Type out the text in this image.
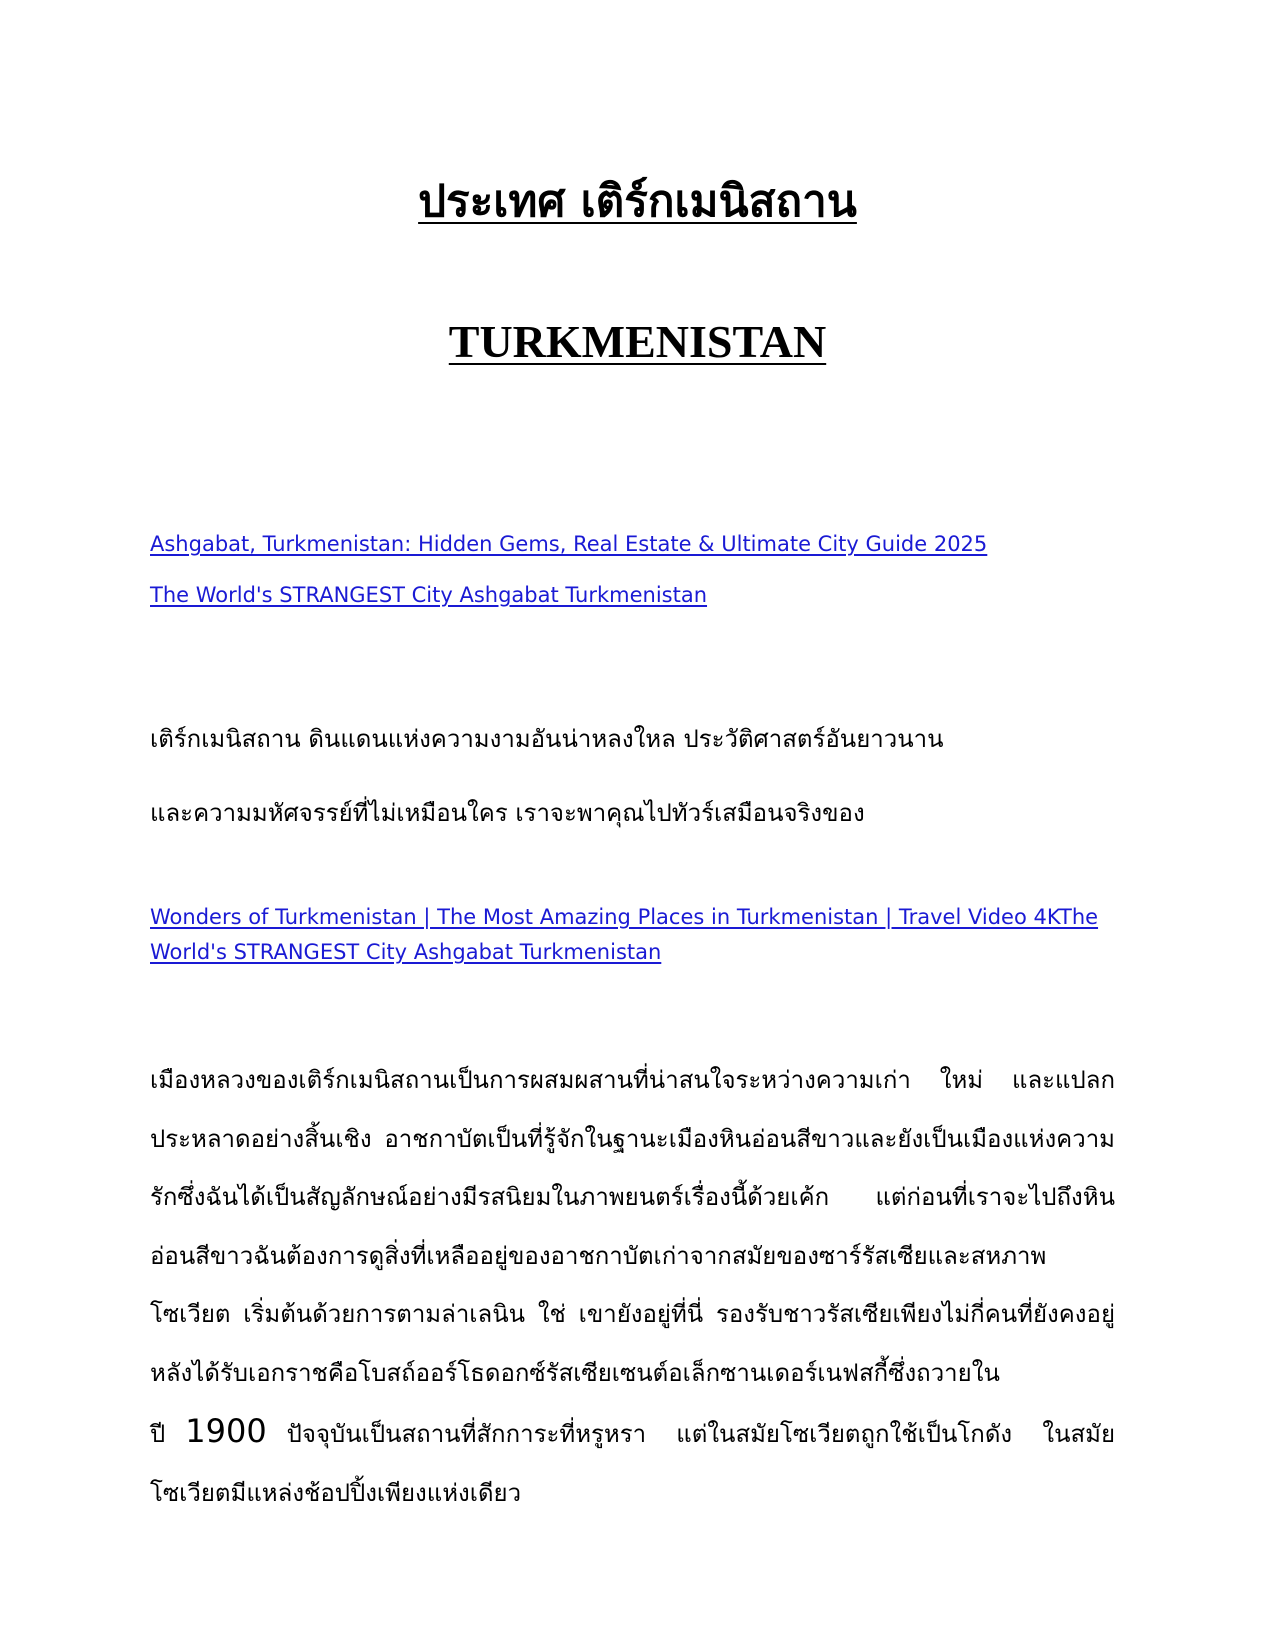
ประเทศ เติร์กเมนิสถาน
TURKMENISTAN
Ashgabat, Turkmenistan: Hidden Gems, Real Estate & Ultimate City Guide 2025
The World's STRANGEST City Ashgabat Turkmenistan
เติร์กเมนิสถาน ดินแดนแห่งความงามอันน่าหลงใหล ประวัติศาสตร์อันยาวนาน
และความมหัศจรรย์ที่ไม่เหมือนใคร เราจะพาคุณไปทัวร์เสมือนจริงของ
Wonders of Turkmenistan | The Most Amazing Places in Turkmenistan | Travel Video 4KThe World's STRANGEST City Ashgabat Turkmenistan
เมืองหลวงของเติร์กเมนิสถานเป็นการผสมผสานที่น่าสนใจระหว่างความเก่า ใหม่ และแปลกประหลาดอย่างสิ้นเชิง อาชกาบัตเป็นที่รู้จักในฐานะเมืองหินอ่อนสีขาวและยังเป็นเมืองแห่งความรักซึ่งฉันได้เป็นสัญลักษณ์อย่างมีรสนิยมในภาพยนตร์เรื่องนี้ด้วยเค้ก แต่ก่อนที่เราจะไปถึงหินอ่อนสีขาวฉันต้องการดูสิ่งที่เหลืออยู่ของอาชกาบัตเก่าจากสมัยของซาร์รัสเซียและสหภาพโซเวียต เริ่มต้นด้วยการตามล่าเลนิน ใช่ เขายังอยู่ที่นี่ รองรับชาวรัสเซียเพียงไม่กี่คนที่ยังคงอยู่หลังได้รับเอกราชคือโบสถ์ออร์โธดอกซ์รัสเซียเซนต์อเล็กซานเดอร์เนฟสกี้ซึ่งถวายในปี 1900 ปัจจุบันเป็นสถานที่สักการะที่หรูหรา แต่ในสมัยโซเวียตถูกใช้เป็นโกดัง ในสมัยโซเวียตมีแหล่งช้อปปิ้งเพียงแห่งเดียว
